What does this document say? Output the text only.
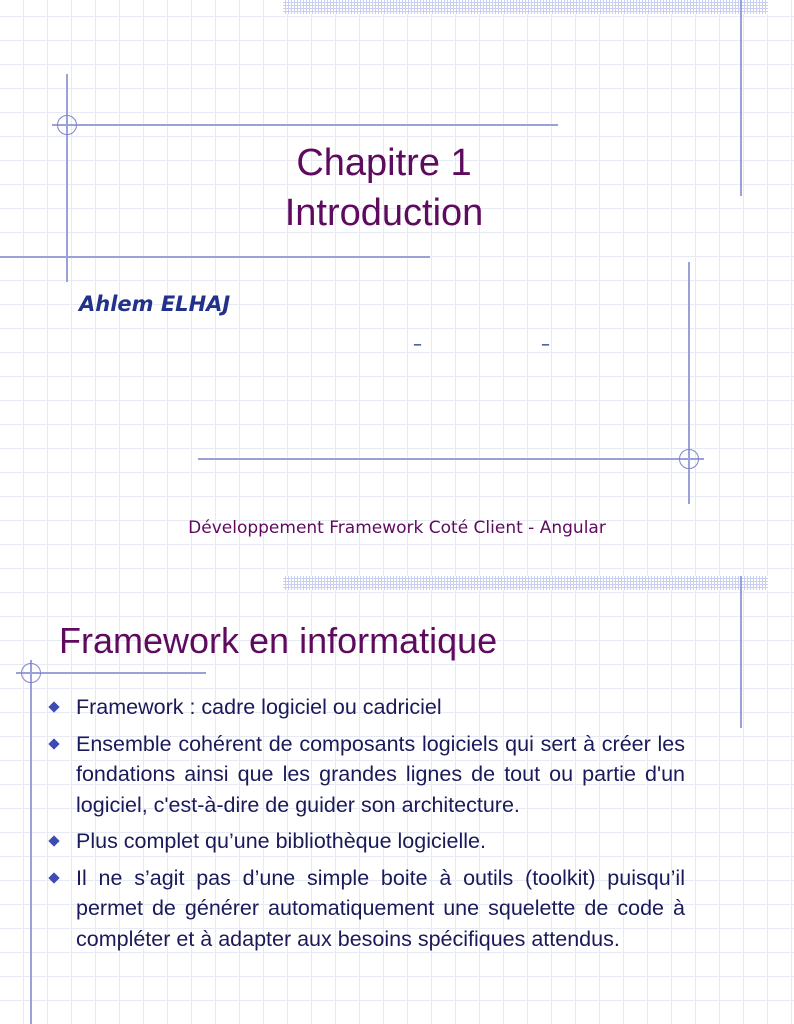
Chapitre 1
Introduction
Ahlem ELHAJ
–	–
Développement Framework Coté Client - Angular
Framework en informatique
Framework : cadre logiciel ou cadriciel
Ensemble cohérent de composants logiciels qui sert à créer les fondations ainsi que les grandes lignes de tout ou partie d'un logiciel, c'est-à-dire de guider son architecture.
Plus complet qu’une bibliothèque logicielle.
Il ne s’agit pas d’une simple boite à outils (toolkit) puisqu’il permet de générer automatiquement une squelette de code à compléter et à adapter aux besoins spécifiques attendus.
